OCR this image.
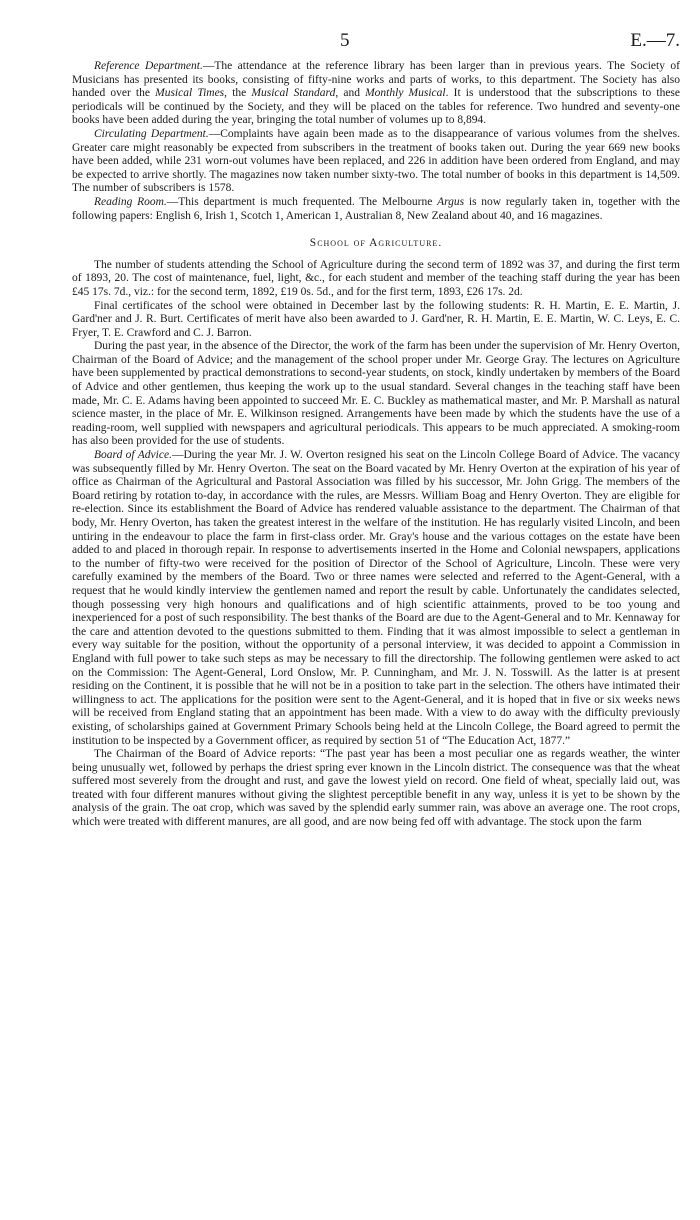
5	E.—7.

Reference Department.—The attendance at the reference library has been larger than in previous years. The Society of Musicians has presented its books, consisting of fifty-nine works and parts of works, to this department. The Society has also handed over the Musical Times, the Musical Standard, and Monthly Musical. It is understood that the subscriptions to these periodicals will be continued by the Society, and they will be placed on the tables for reference. Two hundred and seventy-one books have been added during the year, bringing the total number of volumes up to 8,894.

Circulating Department.—Complaints have again been made as to the disappearance of various volumes from the shelves. Greater care might reasonably be expected from subscribers in the treatment of books taken out. During the year 669 new books have been added, while 231 worn-out volumes have been replaced, and 226 in addition have been ordered from England, and may be expected to arrive shortly. The magazines now taken number sixty-two. The total number of books in this department is 14,509. The number of subscribers is 1578.

Reading Room.—This department is much frequented. The Melbourne Argus is now regularly taken in, together with the following papers: English 6, Irish 1, Scotch 1, American 1, Australian 8, New Zealand about 40, and 16 magazines.

School of Agriculture.

The number of students attending the School of Agriculture during the second term of 1892 was 37, and during the first term of 1893, 20. The cost of maintenance, fuel, light, &c., for each student and member of the teaching staff during the year has been £45 17s. 7d., viz.: for the second term, 1892, £19 0s. 5d., and for the first term, 1893, £26 17s. 2d.

Final certificates of the school were obtained in December last by the following students: R. H. Martin, E. E. Martin, J. Gard'ner and J. R. Burt. Certificates of merit have also been awarded to J. Gard'ner, R. H. Martin, E. E. Martin, W. C. Leys, E. C. Fryer, T. E. Crawford and C. J. Barron.

During the past year, in the absence of the Director, the work of the farm has been under the supervision of Mr. Henry Overton, Chairman of the Board of Advice; and the management of the school proper under Mr. George Gray. The lectures on Agriculture have been supplemented by practical demonstrations to second-year students, on stock, kindly undertaken by members of the Board of Advice and other gentlemen, thus keeping the work up to the usual standard. Several changes in the teaching staff have been made, Mr. C. E. Adams having been appointed to succeed Mr. E. C. Buckley as mathematical master, and Mr. P. Marshall as natural science master, in the place of Mr. E. Wilkinson resigned. Arrangements have been made by which the students have the use of a reading-room, well supplied with newspapers and agricultural periodicals. This appears to be much appreciated. A smoking-room has also been provided for the use of students.

Board of Advice.—During the year Mr. J. W. Overton resigned his seat on the Lincoln College Board of Advice. The vacancy was subsequently filled by Mr. Henry Overton. The seat on the Board vacated by Mr. Henry Overton at the expiration of his year of office as Chairman of the Agricultural and Pastoral Association was filled by his successor, Mr. John Grigg. The members of the Board retiring by rotation to-day, in accordance with the rules, are Messrs. William Boag and Henry Overton. They are eligible for re-election. Since its establishment the Board of Advice has rendered valuable assistance to the department. The Chairman of that body, Mr. Henry Overton, has taken the greatest interest in the welfare of the institution. He has regularly visited Lincoln, and been untiring in the endeavour to place the farm in first-class order. Mr. Gray's house and the various cottages on the estate have been added to and placed in thorough repair. In response to advertisements inserted in the Home and Colonial newspapers, applications to the number of fifty-two were received for the position of Director of the School of Agriculture, Lincoln. These were very carefully examined by the members of the Board. Two or three names were selected and referred to the Agent-General, with a request that he would kindly interview the gentlemen named and report the result by cable. Unfortunately the candidates selected, though possessing very high honours and qualifications and of high scientific attainments, proved to be too young and inexperienced for a post of such responsibility. The best thanks of the Board are due to the Agent-General and to Mr. Kennaway for the care and attention devoted to the questions submitted to them. Finding that it was almost impossible to select a gentleman in every way suitable for the position, without the opportunity of a personal interview, it was decided to appoint a Commission in England with full power to take such steps as may be necessary to fill the directorship. The following gentlemen were asked to act on the Commission: The Agent-General, Lord Onslow, Mr. P. Cunningham, and Mr. J. N. Tosswill. As the latter is at present residing on the Continent, it is possible that he will not be in a position to take part in the selection. The others have intimated their willingness to act. The applications for the position were sent to the Agent-General, and it is hoped that in five or six weeks news will be received from England stating that an appointment has been made. With a view to do away with the difficulty previously existing, of scholarships gained at Government Primary Schools being held at the Lincoln College, the Board agreed to permit the institution to be inspected by a Government officer, as required by section 51 of “The Education Act, 1877.”

The Chairman of the Board of Advice reports: “The past year has been a most peculiar one as regards weather, the winter being unusually wet, followed by perhaps the driest spring ever known in the Lincoln district. The consequence was that the wheat suffered most severely from the drought and rust, and gave the lowest yield on record. One field of wheat, specially laid out, was treated with four different manures without giving the slightest perceptible benefit in any way, unless it is yet to be shown by the analysis of the grain. The oat crop, which was saved by the splendid early summer rain, was above an average one. The root crops, which were treated with different manures, are all good, and are now being fed off with advantage. The stock upon the farm
